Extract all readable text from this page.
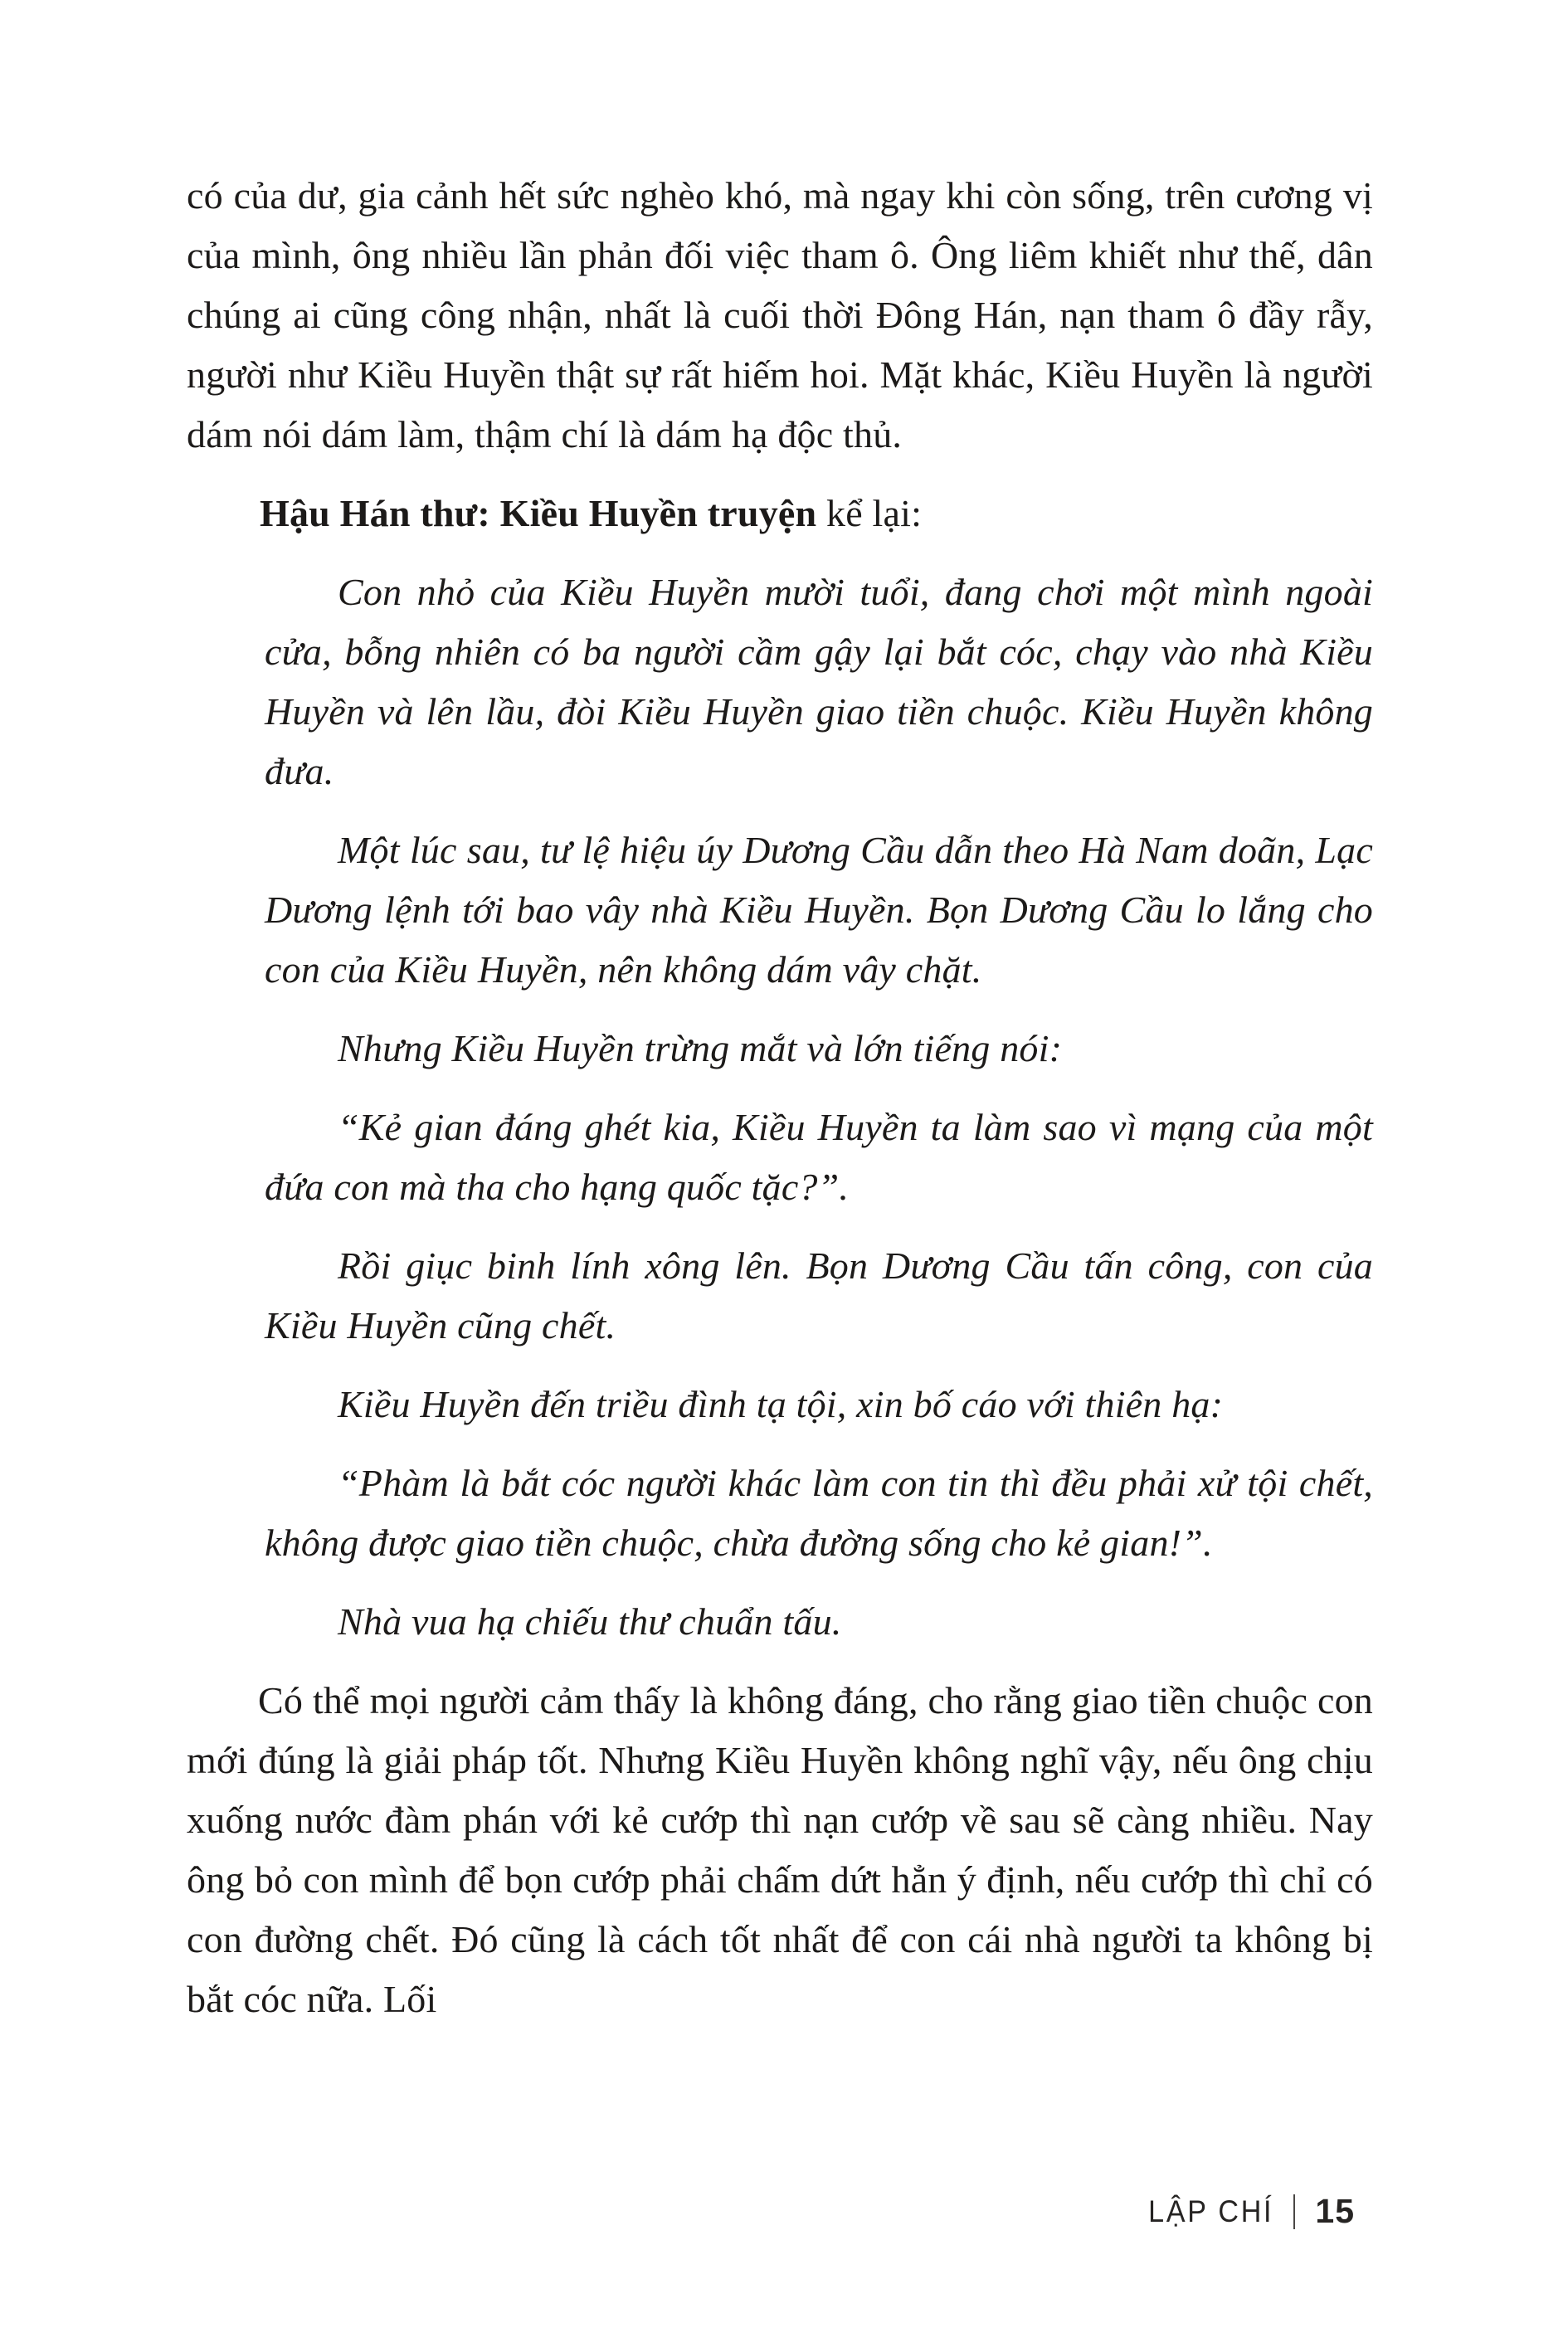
có của dư, gia cảnh hết sức nghèo khó, mà ngay khi còn sống, trên cương vị của mình, ông nhiều lần phản đối việc tham ô. Ông liêm khiết như thế, dân chúng ai cũng công nhận, nhất là cuối thời Đông Hán, nạn tham ô đầy rẫy, người như Kiều Huyền thật sự rất hiếm hoi. Mặt khác, Kiều Huyền là người dám nói dám làm, thậm chí là dám hạ độc thủ.

Hậu Hán thư: Kiều Huyền truyện kể lại:

Con nhỏ của Kiều Huyền mười tuổi, đang chơi một mình ngoài cửa, bỗng nhiên có ba người cầm gậy lại bắt cóc, chạy vào nhà Kiều Huyền và lên lầu, đòi Kiều Huyền giao tiền chuộc. Kiều Huyền không đưa.

Một lúc sau, tư lệ hiệu úy Dương Cầu dẫn theo Hà Nam doãn, Lạc Dương lệnh tới bao vây nhà Kiều Huyền. Bọn Dương Cầu lo lắng cho con của Kiều Huyền, nên không dám vây chặt.

Nhưng Kiều Huyền trừng mắt và lớn tiếng nói:

“Kẻ gian đáng ghét kia, Kiều Huyền ta làm sao vì mạng của một đứa con mà tha cho hạng quốc tặc?”.

Rồi giục binh lính xông lên. Bọn Dương Cầu tấn công, con của Kiều Huyền cũng chết.

Kiều Huyền đến triều đình tạ tội, xin bố cáo với thiên hạ:

“Phàm là bắt cóc người khác làm con tin thì đều phải xử tội chết, không được giao tiền chuộc, chừa đường sống cho kẻ gian!”.

Nhà vua hạ chiếu thư chuẩn tấu.

Có thể mọi người cảm thấy là không đáng, cho rằng giao tiền chuộc con mới đúng là giải pháp tốt. Nhưng Kiều Huyền không nghĩ vậy, nếu ông chịu xuống nước đàm phán với kẻ cướp thì nạn cướp về sau sẽ càng nhiều. Nay ông bỏ con mình để bọn cướp phải chấm dứt hẳn ý định, nếu cướp thì chỉ có con đường chết. Đó cũng là cách tốt nhất để con cái nhà người ta không bị bắt cóc nữa. Lối

LẬP CHÍ 15
